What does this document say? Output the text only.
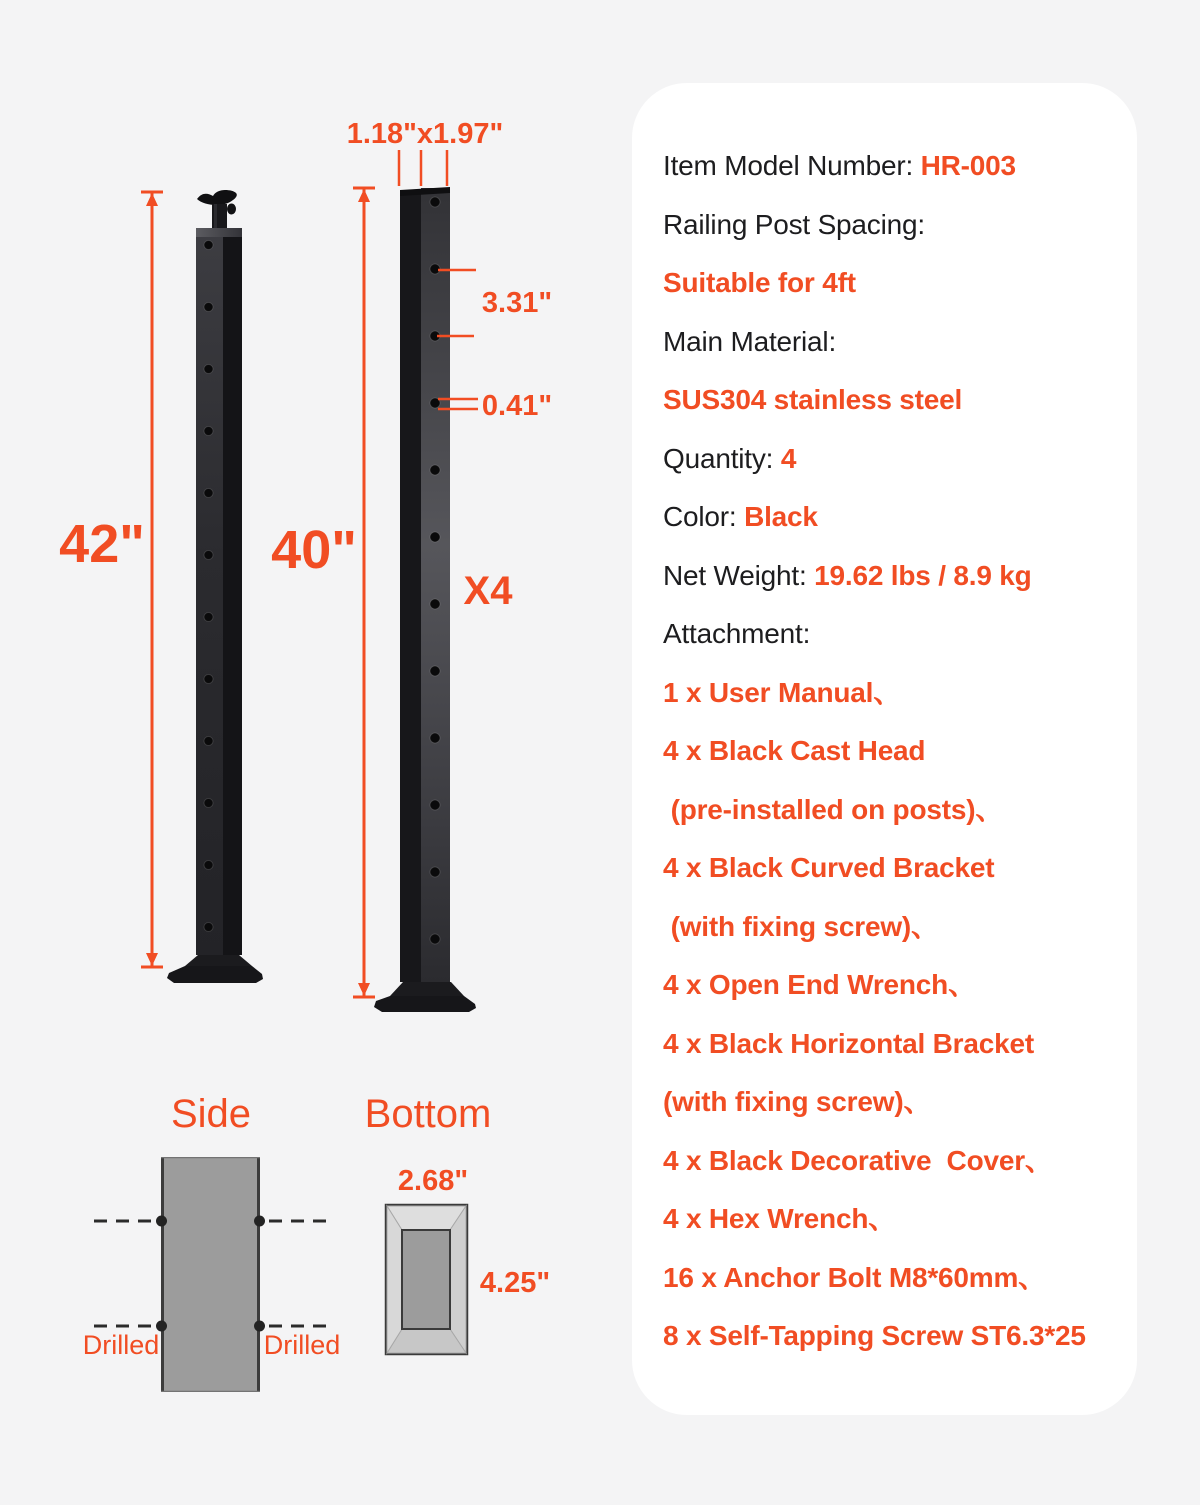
42" 40"
1.18"x1.97"
3.31"
0.41"
X4
Side
Drilled	Drilled
Bottom
2.68"
4.25"
Item Model Number: HR-003
Railing Post Spacing:
Suitable for 4ft
Main Material:
SUS304 stainless steel
Quantity: 4
Color: Black
Net Weight: 19.62 lbs / 8.9 kg
Attachment:
1 x User Manual、
4 x Black Cast Head
(pre-installed on posts)、
4 x Black Curved Bracket
(with fixing screw)、
4 x Open End Wrench、
4 x Black Horizontal Bracket
(with fixing screw)、
4 x Black Decorative  Cover、
4 x Hex Wrench、
16 x Anchor Bolt M8*60mm、
8 x Self-Tapping Screw ST6.3*25
